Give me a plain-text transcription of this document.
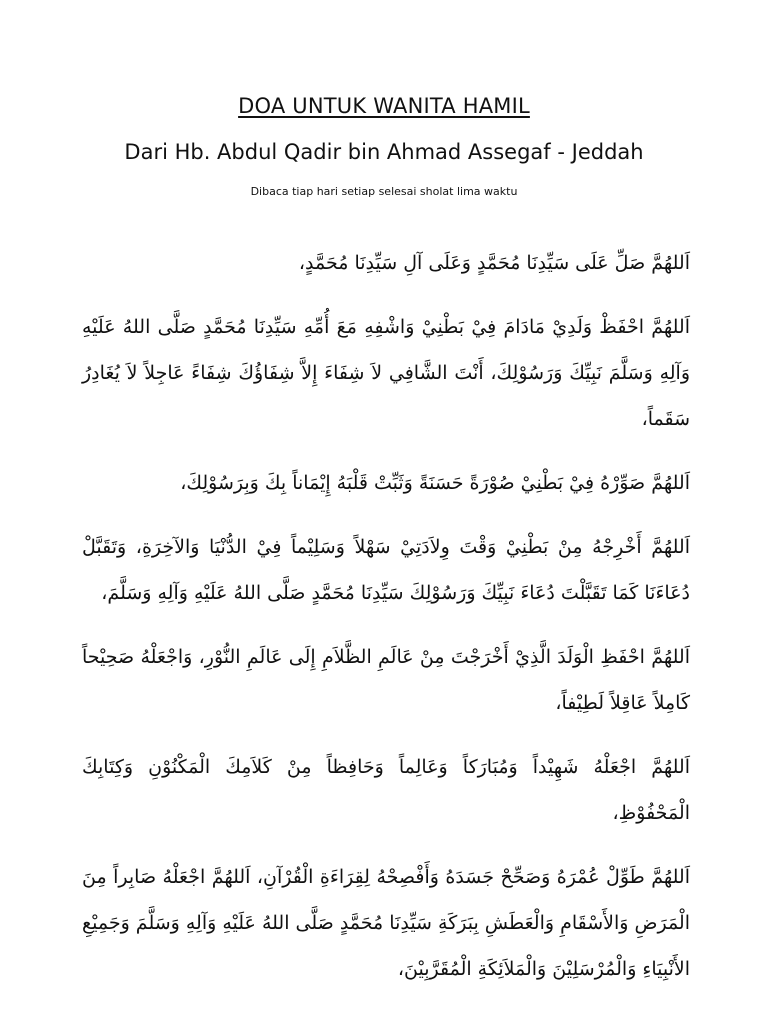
DOA UNTUK WANITA HAMIL
Dari Hb. Abdul Qadir bin Ahmad Assegaf - Jeddah

Dibaca tiap hari setiap selesai sholat lima waktu

اَللهُمَّ صَلِّ عَلَى سَيِّدِنَا مُحَمَّدٍ وَعَلَى آلِ سَيِّدِنَا مُحَمَّدٍ،

اَللهُمَّ احْفَظْ وَلَدِيْ مَادَامَ فِيْ بَطْنِيْ وَاشْفِهِ مَعَ أُمِّهِ سَيِّدِنَا مُحَمَّدٍ صَلَّى اللهُ عَلَيْهِ وَآلِهِ وَسَلَّمَ نَبِيِّكَ وَرَسُوْلِكَ، أَنْتَ الشَّافِي لاَ شِفَاءَ إِلاَّ شِفَاؤُكَ شِفَاءً عَاجِلاً لاَ يُغَادِرُ سَقَماً،

اَللهُمَّ صَوِّرْهُ فِيْ بَطْنِيْ صُوْرَةً حَسَنَةً وَثَبِّتْ قَلْبَهُ إِيْمَاناً بِكَ وَبِرَسُوْلِكَ،

اَللهُمَّ أَخْرِجْهُ مِنْ بَطْنِيْ وَقْتَ وِلاَدَتِيْ سَهْلاً وَسَلِيْماً فِيْ الدُّنْيَا وَالآخِرَةِ، وَتَقَبَّلْ دُعَاءَنَا كَمَا تَقَبَّلْتَ دُعَاءَ نَبِيِّكَ وَرَسُوْلِكَ سَيِّدِنَا مُحَمَّدٍ صَلَّى اللهُ عَلَيْهِ وَآلِهِ وَسَلَّمَ،

اَللهُمَّ احْفَظِ الْوَلَدَ الَّذِيْ أَخْرَجْتَ مِنْ عَالَمِ الظَّلاَمِ إِلَى عَالَمِ النُّوْرِ، وَاجْعَلْهُ صَحِيْحاً كَامِلاً عَاقِلاً لَطِيْفاً،

اَللهُمَّ اجْعَلْهُ شَهِيْداً وَمُبَارَكاً وَعَالِماً وَحَافِظاً مِنْ كَلاَمِكَ الْمَكْنُوْنِ وَكِتَابِكَ الْمَحْفُوْظِ،

اَللهُمَّ طَوِّلْ عُمْرَهُ وَصَحِّحْ جَسَدَهُ وَأَفْصِحْهُ لِقِرَاءَةِ الْقُرْآنِ، اَللهُمَّ اجْعَلْهُ صَابِراً مِنَ الْمَرَضِ وَالأَسْقَامِ وَالْعَطَشِ بِبَرَكَةِ سَيِّدِنَا مُحَمَّدٍ صَلَّى اللهُ عَلَيْهِ وَآلِهِ وَسَلَّمَ وَجَمِيْعِ الأَنْبِيَاءِ وَالْمُرْسَلِيْنَ وَالْمَلاَئِكَةِ الْمُقَرَّبِيْنَ،
